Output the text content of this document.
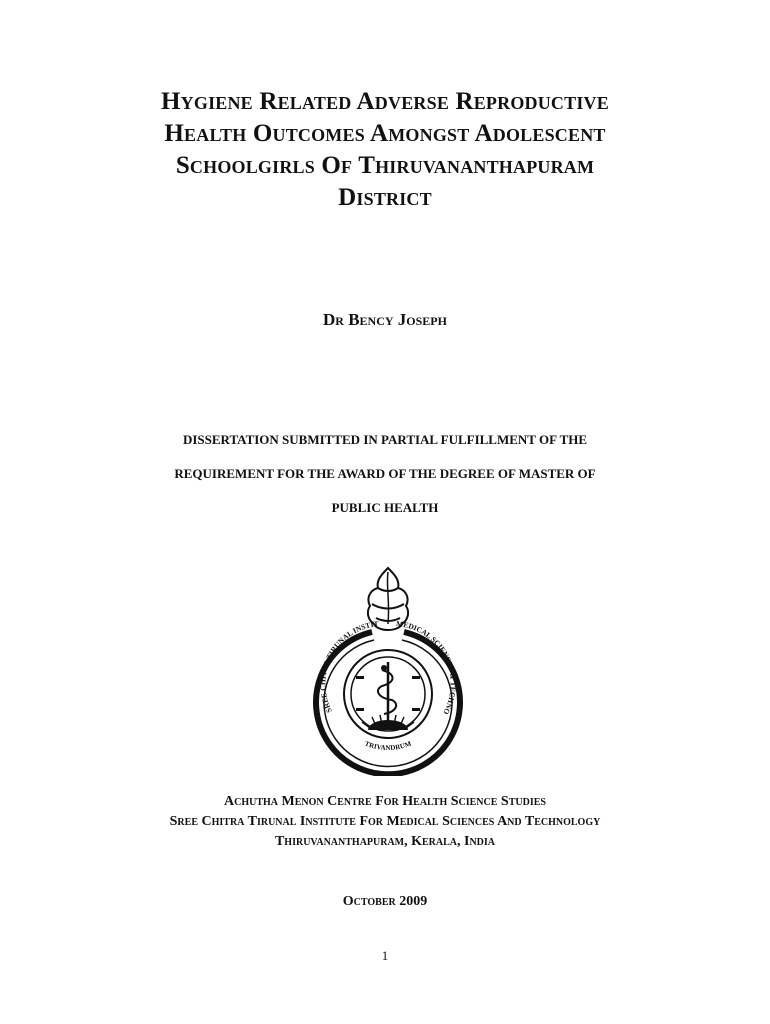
Hygiene Related Adverse Reproductive
Health Outcomes Amongst Adolescent
Schoolgirls Of Thiruvananthapuram
District
Dr Bency Joseph
DISSERTATION SUBMITTED IN PARTIAL FULFILLMENT OF THE
REQUIREMENT FOR THE AWARD OF THE DEGREE OF MASTER OF
PUBLIC HEALTH
SREE CHITRA TIRUNAL INSTIT	MEDICAL SCIENCES & TECHNO
TRIVANDRUM
Achutha Menon Centre For Health Science Studies
Sree Chitra Tirunal Institute For Medical Sciences And Technology
Thiruvananthapuram, Kerala, India
October 2009
1
